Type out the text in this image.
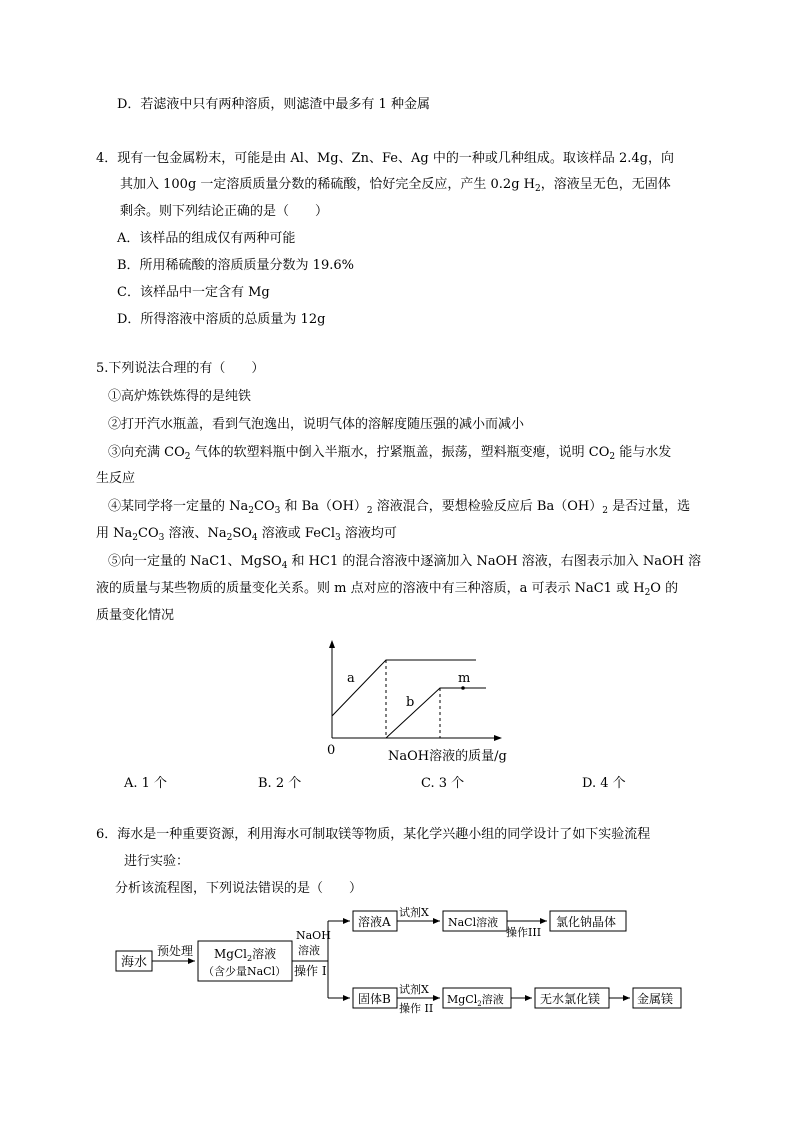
D．若滤液中只有两种溶质，则滤渣中最多有 1 种金属
4．现有一包金属粉末，可能是由 Al、Mg、Zn、Fe、Ag 中的一种或几种组成。取该样品 2.4g，向
其加入 100g 一定溶质质量分数的稀硫酸，恰好完全反应，产生 0.2g $H_2$，溶液呈无色，无固体
剩余。则下列结论正确的是（　　）
A．该样品的组成仅有两种可能
B．所用稀硫酸的溶质质量分数为 19.6%
C．该样品中一定含有 Mg
D．所得溶液中溶质的总质量为 12g
5.下列说法合理的有（　　）
①高炉炼铁炼得的是纯铁
②打开汽水瓶盖，看到气泡逸出，说明气体的溶解度随压强的减小而减小
③向充满 $CO_2$ 气体的软塑料瓶中倒入半瓶水，拧紧瓶盖，振荡，塑料瓶变瘪，说明 $CO_2$ 能与水发
生反应
④某同学将一定量的 $Na_2CO_3$ 和 $Ba(OH)_2$ 溶液混合，要想检验反应后 $Ba(OH)_2$ 是否过量，选
用 $Na_2CO_3$ 溶液、$Na_2SO_4$ 溶液或 FeCl$_3$ 溶液均可
⑤向一定量的 NaC1、MgSO$_4$ 和 HC1 的混合溶液中逐滴加入 NaOH 溶液，右图表示加入 NaOH 溶
液的质量与某些物质的质量变化关系。则 m 点对应的溶液中有三种溶质，a 可表示 NaC1 或 $H_2O$ 的
质量变化情况
a
b
m
0	NaOH溶液的质量/g
A. 1 个	B. 2 个	C. 3 个	D. 4 个
6．海水是一种重要资源，利用海水可制取镁等物质，某化学兴趣小组的同学设计了如下实验流程
进行实验：
分析该流程图，下列说法错误的是（　　）
海水
预处理 MgCl$_2$溶液
（含少量NaCl）
NaOH
溶液
操作 I
溶液A
试剂X
NaCl溶液
操作III
氯化钠晶体
固体B
试剂X
操作 II
MgCl$_2$溶液	无水氯化镁	金属镁
